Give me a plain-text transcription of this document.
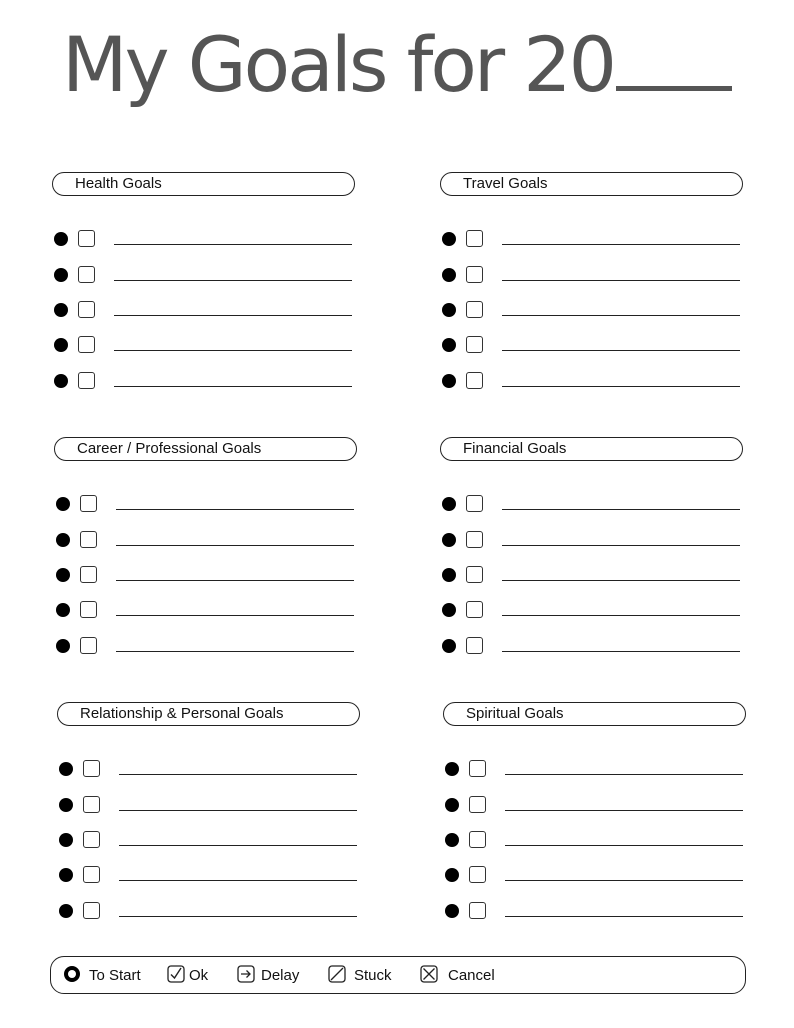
My Goals for 20
Health Goals	Travel Goals
Career / Professional Goals	Financial Goals
Relationship & Personal Goals	Spiritual Goals
To Start	Ok	Delay	Stuck	Cancel
